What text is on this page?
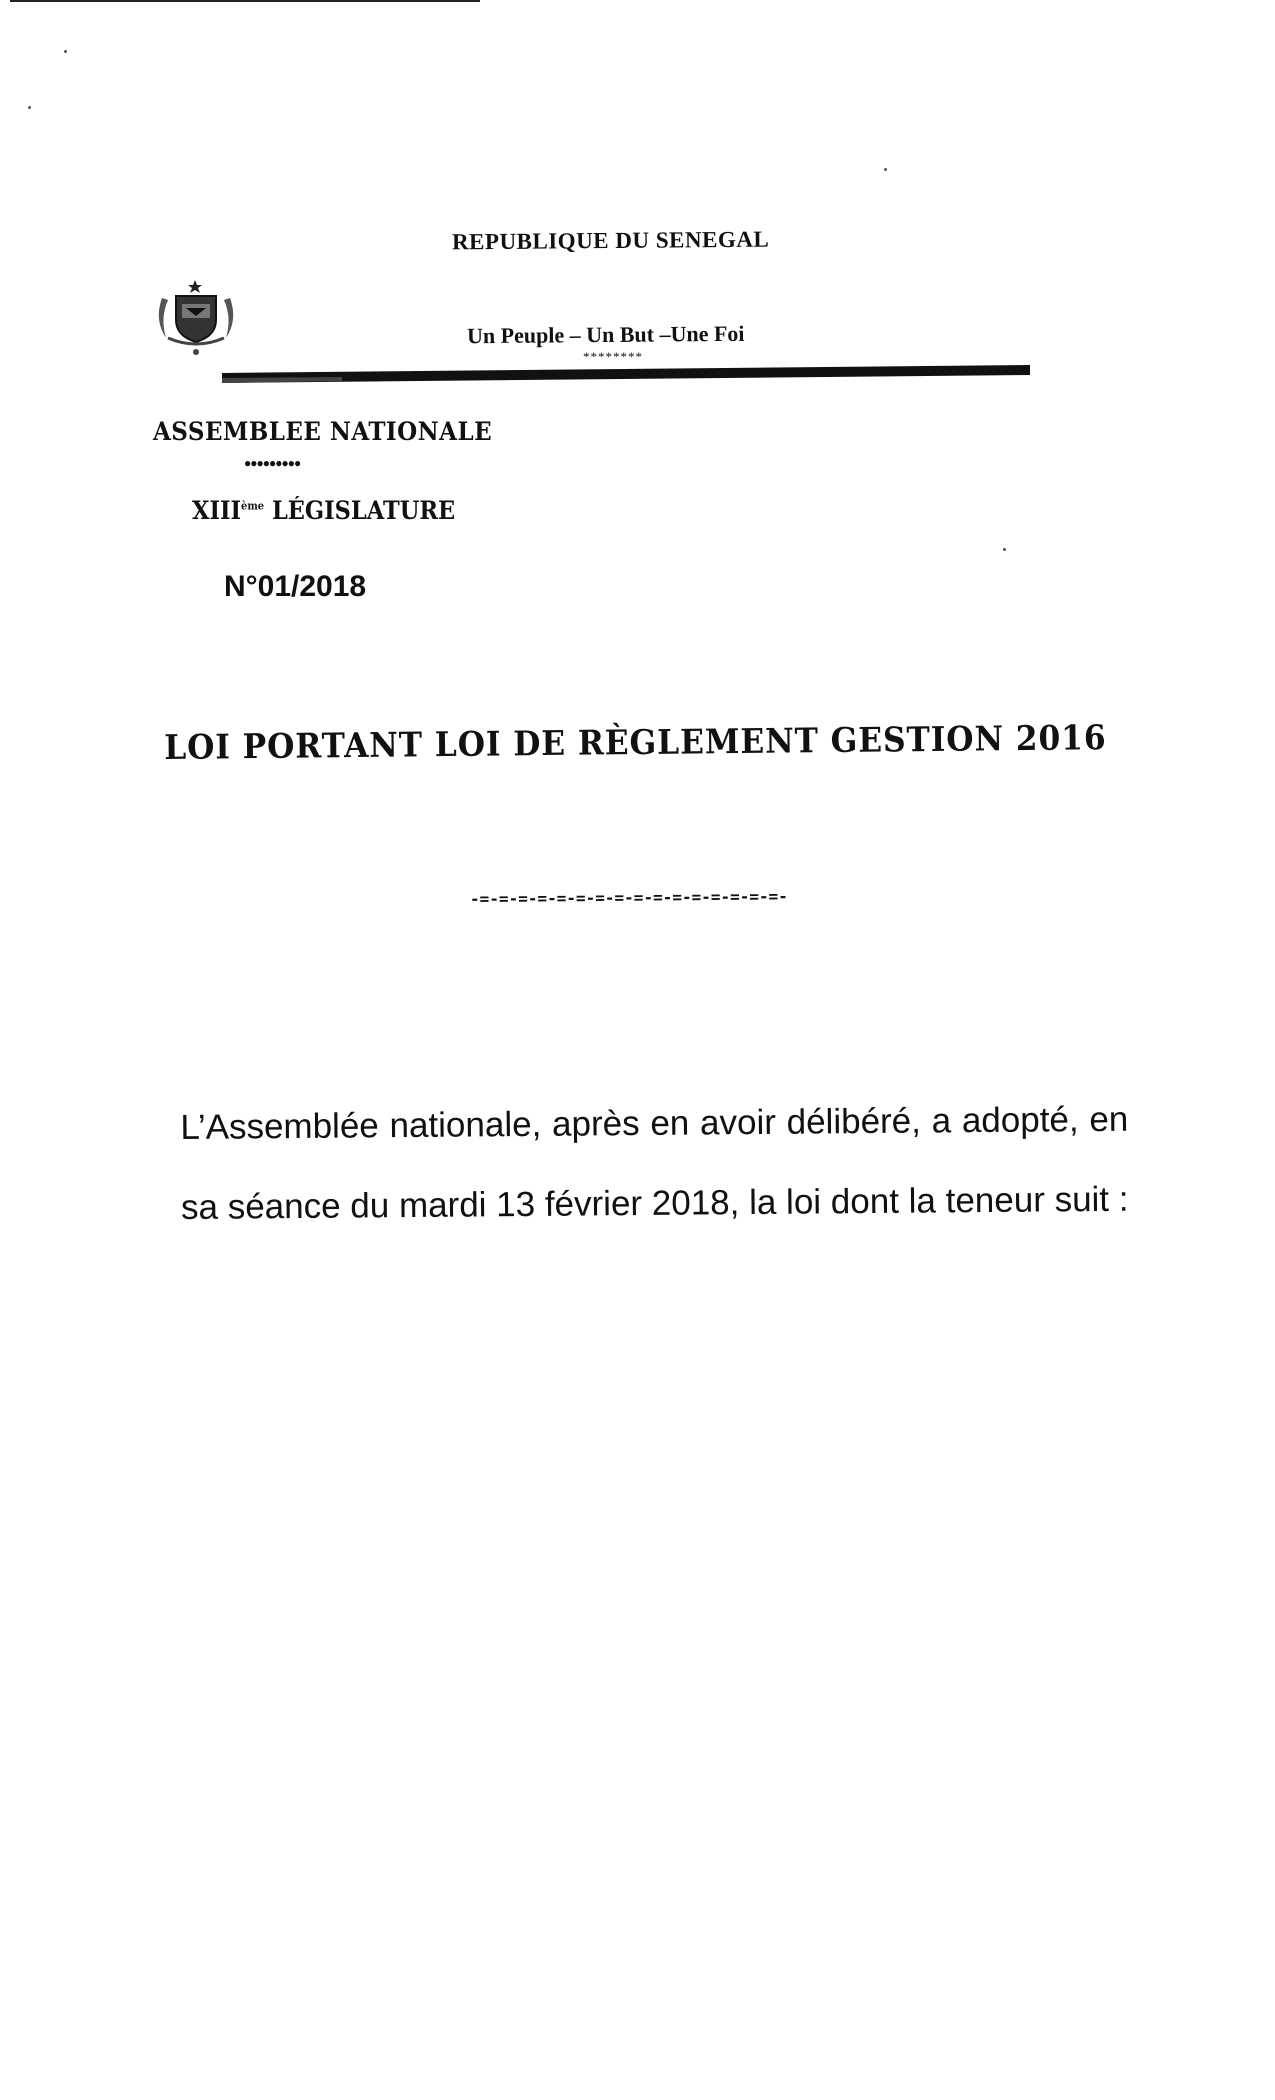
REPUBLIQUE DU SENEGAL
Un Peuple – Un But –Une Foi
********
ASSEMBLEE NATIONALE
●●●●●●●●●
XIIIème LÉGISLATURE
N°01/2018
LOI PORTANT LOI DE RÈGLEMENT GESTION 2016
-=-=-=-=-=-=-=-=-=-=-=-=-=-=-=-=-
L’Assemblée nationale, après en avoir délibéré, a adopté, en sa séance du mardi 13 février 2018, la loi dont la teneur suit :
